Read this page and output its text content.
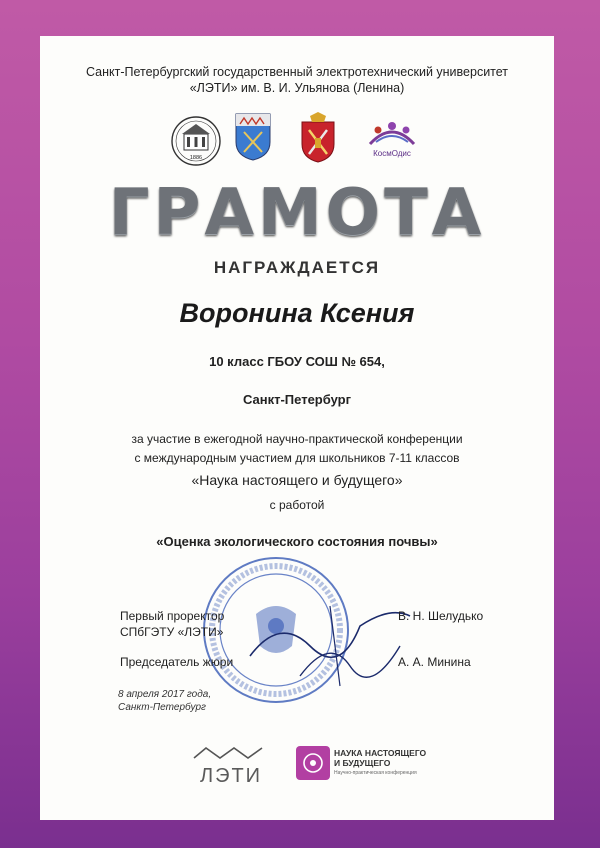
Санкт-Петербургский государственный электротехнический университет
«ЛЭТИ» им. В. И. Ульянова (Ленина)
1886	КосмОдис
ГРАМОТА
НАГРАЖДАЕТСЯ
Воронина Ксения
10 класс ГБОУ СОШ № 654,
Санкт-Петербург
за участие в ежегодной научно-практической конференции
с международным участием для школьников 7-11 классов
«Наука настоящего и будущего»
с работой
«Оценка экологического состояния почвы»
Первый проректор
СПбГЭТУ «ЛЭТИ»
В. Н. Шелудько
Председатель жюри	А. А. Минина
8 апреля 2017 года,
Санкт-Петербург
ЛЭТИ
НАУКА НАСТОЯЩЕГО
И БУДУЩЕГО
Научно-практическая конференция
